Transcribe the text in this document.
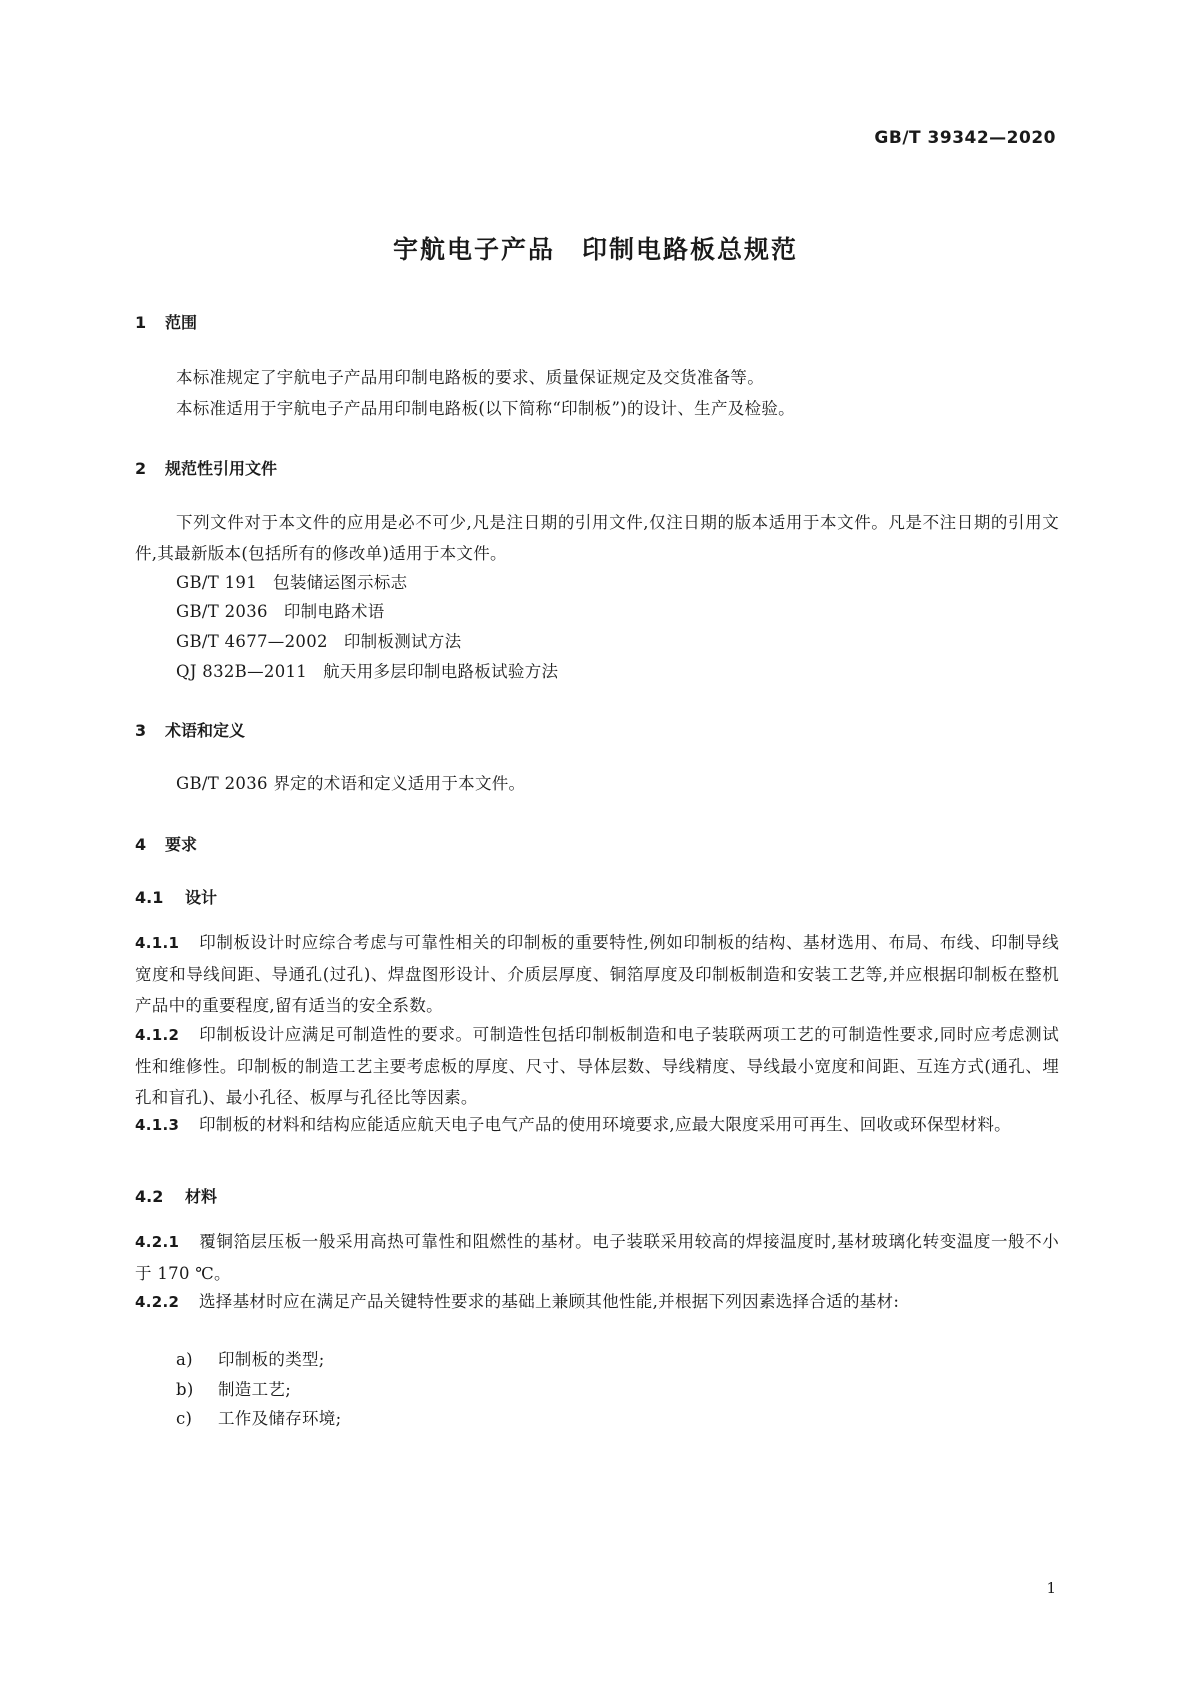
GB/T 39342—2020
宇航电子产品　印制电路板总规范
1 范围
本标准规定了宇航电子产品用印制电路板的要求、质量保证规定及交货准备等。
本标准适用于宇航电子产品用印制电路板(以下简称“印制板”)的设计、生产及检验。
2 规范性引用文件
下列文件对于本文件的应用是必不可少,凡是注日期的引用文件,仅注日期的版本适用于本文件。凡是不注日期的引用文件,其最新版本(包括所有的修改单)适用于本文件。
GB/T 191 包装储运图示标志
GB/T 2036 印制电路术语
GB/T 4677—2002 印制板测试方法
QJ 832B—2011 航天用多层印制电路板试验方法
3 术语和定义
GB/T 2036 界定的术语和定义适用于本文件。
4 要求
4.1 设计
4.1.1 印制板设计时应综合考虑与可靠性相关的印制板的重要特性,例如印制板的结构、基材选用、布局、布线、印制导线宽度和导线间距、导通孔(过孔)、焊盘图形设计、介质层厚度、铜箔厚度及印制板制造和安装工艺等,并应根据印制板在整机产品中的重要程度,留有适当的安全系数。
4.1.2 印制板设计应满足可制造性的要求。可制造性包括印制板制造和电子装联两项工艺的可制造性要求,同时应考虑测试性和维修性。印制板的制造工艺主要考虑板的厚度、尺寸、导体层数、导线精度、导线最小宽度和间距、互连方式(通孔、埋孔和盲孔)、最小孔径、板厚与孔径比等因素。
4.1.3 印制板的材料和结构应能适应航天电子电气产品的使用环境要求,应最大限度采用可再生、回收或环保型材料。
4.2 材料
4.2.1 覆铜箔层压板一般采用高热可靠性和阻燃性的基材。电子装联采用较高的焊接温度时,基材玻璃化转变温度一般不小于 170 ℃。
4.2.2 选择基材时应在满足产品关键特性要求的基础上兼顾其他性能,并根据下列因素选择合适的基材:
a) 印制板的类型;
b) 制造工艺;
c) 工作及储存环境;
1
